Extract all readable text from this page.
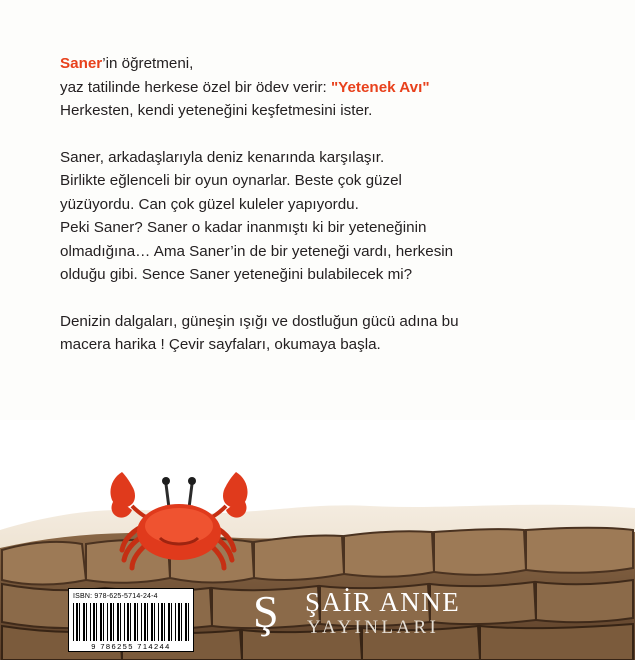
Saner’in öğretmeni,
yaz tatilinde herkese özel bir ödev verir: "Yetenek Avı"
Herkesten, kendi yeteneğini keşfetmesini ister.

Saner, arkadaşlarıyla deniz kenarında karşılaşır.
Birlikte eğlenceli bir oyun oynarlar. Beste çok güzel
yüzüyordu. Can çok güzel kuleler yapıyordu.
Peki Saner? Saner o kadar inanmıştı ki bir yeteneğinin
olmadığına… Ama Saner’in de bir yeteneği vardı, herkesin
olduğu gibi. Sence Saner yeteneğini bulabilecek mi?

Denizin dalgaları, güneşin ışığı ve dostluğun gücü adına bu
macera harika ! Çevir sayfaları, okumaya başla.

ISBN: 978-625-5714-24-4
9 786255 714244
Ş ŞAİR ANNE
YAYINLARI
